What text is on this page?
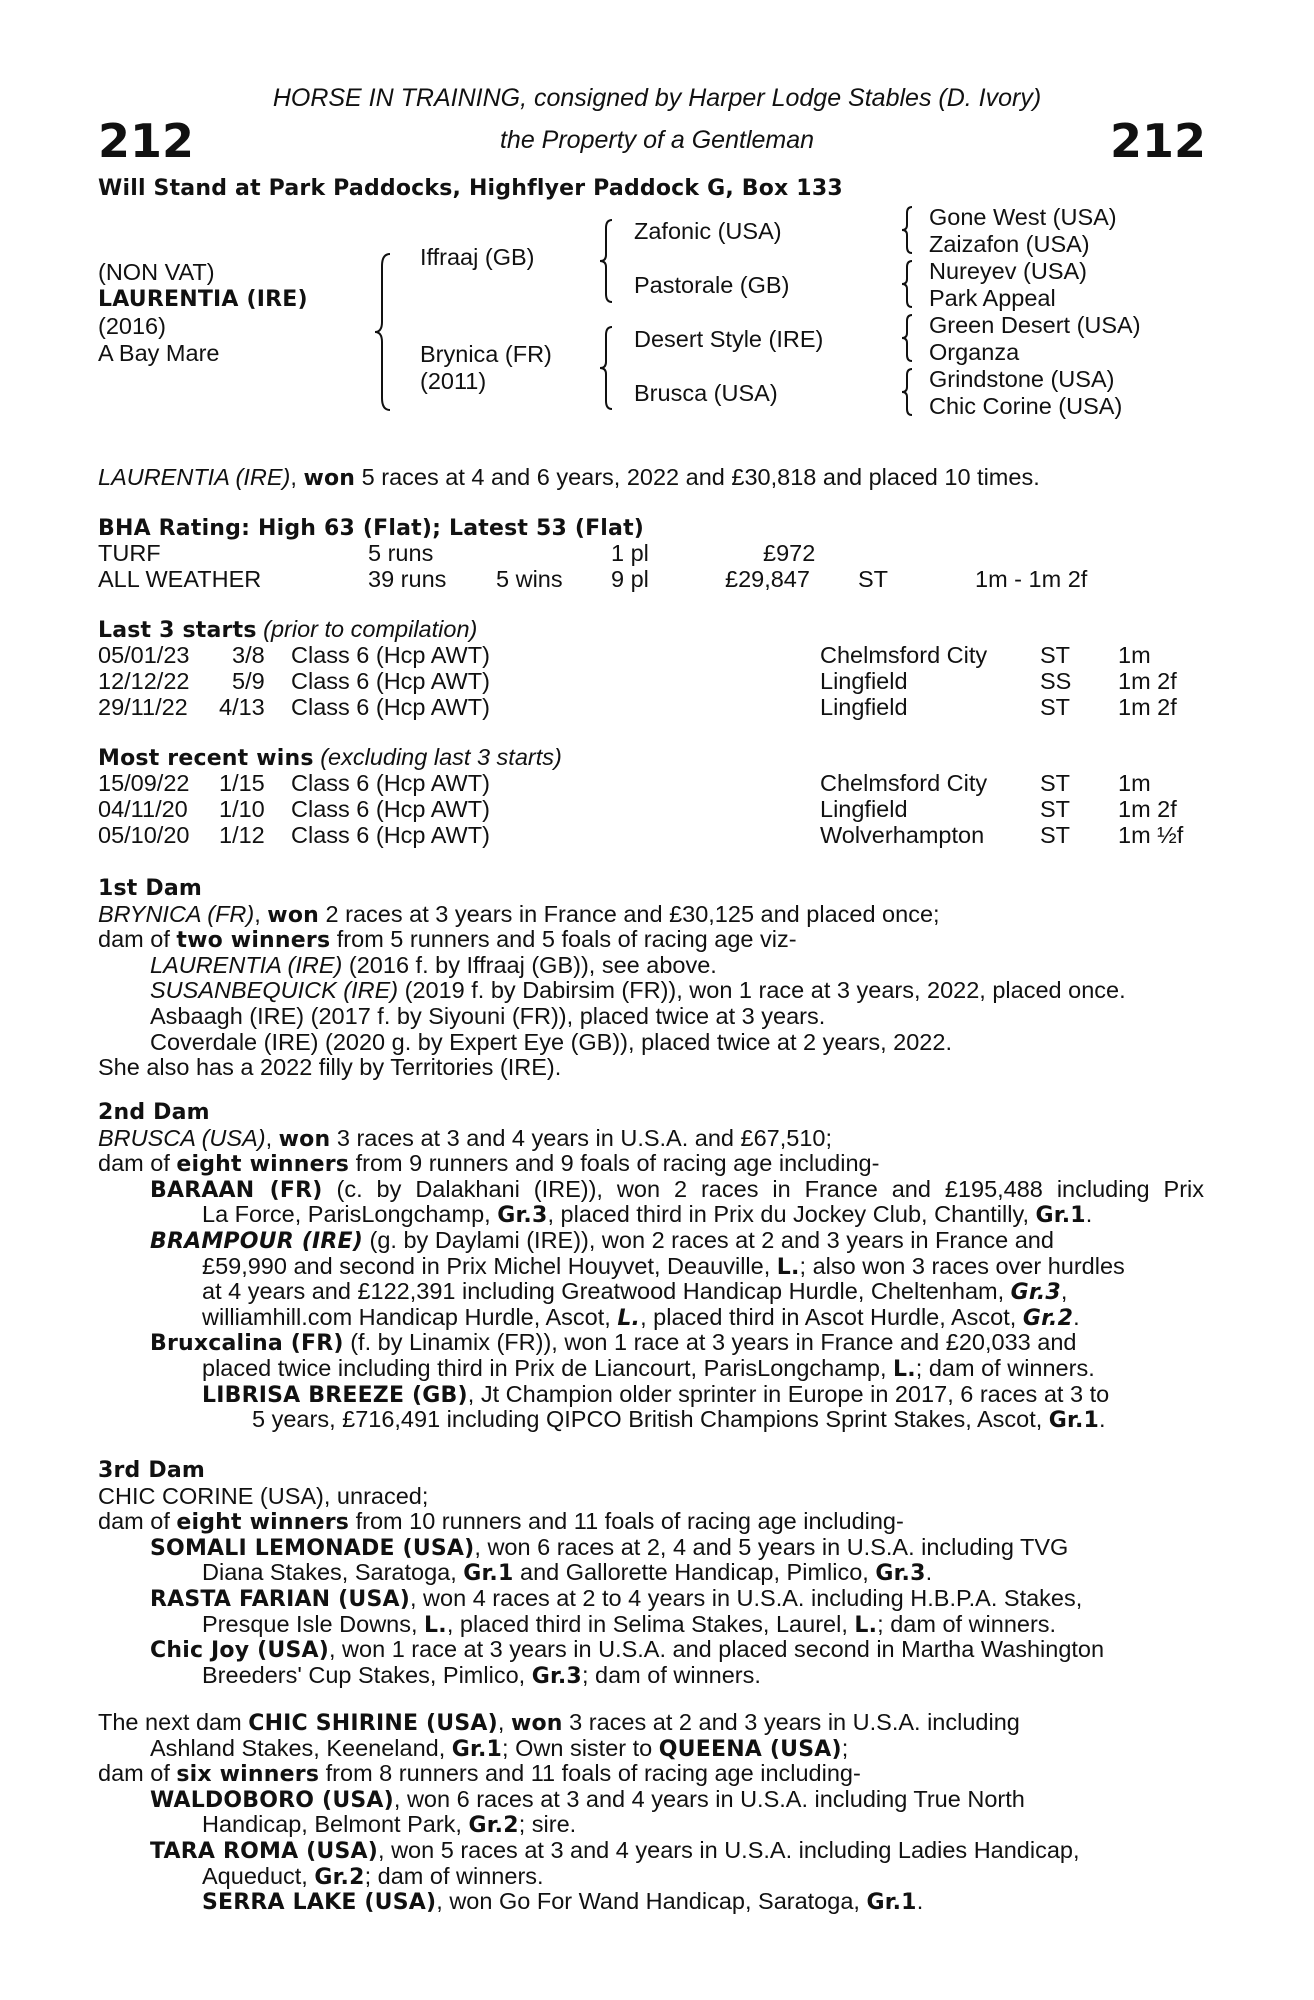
212	212
HORSE IN TRAINING, consigned by Harper Lodge Stables (D. Ivory)
the Property of a Gentleman
Will Stand at Park Paddocks, Highflyer Paddock G, Box 133
(NON VAT)
LAURENTIA (IRE)
(2016)
A Bay Mare
Iffraaj (GB)
Brynica (FR)
(2011)
Zafonic (USA)
Pastorale (GB)
Desert Style (IRE)
Brusca (USA)
Gone West (USA)
Zaizafon (USA)
Nureyev (USA)
Park Appeal
Green Desert (USA)
Organza
Grindstone (USA)
Chic Corine (USA)
LAURENTIA (IRE), won 5 races at 4 and 6 years, 2022 and £30,818 and placed 10 times.
BHA Rating: High 63 (Flat); Latest 53 (Flat)
TURF	5 runs	1 pl	£972
ALL WEATHER	39 runs 5 wins 9 pl	£29,847 ST	1m - 1m 2f
Last 3 starts (prior to compilation)
05/01/23 3/8 Class 6 (Hcp AWT)	Chelmsford City ST 1m
12/12/22 5/9 Class 6 (Hcp AWT)	Lingfield	SS 1m 2f
29/11/22 4/13 Class 6 (Hcp AWT)	Lingfield	ST 1m 2f
Most recent wins (excluding last 3 starts)
15/09/22 1/15 Class 6 (Hcp AWT)	Chelmsford City ST 1m
04/11/20 1/10 Class 6 (Hcp AWT)	Lingfield	ST 1m 2f
05/10/20 1/12 Class 6 (Hcp AWT)	Wolverhampton ST 1m ½f
1st Dam
BRYNICA (FR), won 2 races at 3 years in France and £30,125 and placed once;
dam of two winners from 5 runners and 5 foals of racing age viz-
LAURENTIA (IRE) (2016 f. by Iffraaj (GB)), see above.
SUSANBEQUICK (IRE) (2019 f. by Dabirsim (FR)), won 1 race at 3 years, 2022, placed once.
Asbaagh (IRE) (2017 f. by Siyouni (FR)), placed twice at 3 years.
Coverdale (IRE) (2020 g. by Expert Eye (GB)), placed twice at 2 years, 2022.
She also has a 2022 filly by Territories (IRE).
2nd Dam
BRUSCA (USA), won 3 races at 3 and 4 years in U.S.A. and £67,510;
dam of eight winners from 9 runners and 9 foals of racing age including-
BARAAN (FR) (c. by Dalakhani (IRE)), won 2 races in France and £195,488 including Prix
La Force, ParisLongchamp, Gr.3, placed third in Prix du Jockey Club, Chantilly, Gr.1.
BRAMPOUR (IRE) (g. by Daylami (IRE)), won 2 races at 2 and 3 years in France and
£59,990 and second in Prix Michel Houyvet, Deauville, L.; also won 3 races over hurdles
at 4 years and £122,391 including Greatwood Handicap Hurdle, Cheltenham, Gr.3,
williamhill.com Handicap Hurdle, Ascot, L., placed third in Ascot Hurdle, Ascot, Gr.2.
Bruxcalina (FR) (f. by Linamix (FR)), won 1 race at 3 years in France and £20,033 and
placed twice including third in Prix de Liancourt, ParisLongchamp, L.; dam of winners.
LIBRISA BREEZE (GB), Jt Champion older sprinter in Europe in 2017, 6 races at 3 to
5 years, £716,491 including QIPCO British Champions Sprint Stakes, Ascot, Gr.1.
3rd Dam
CHIC CORINE (USA), unraced;
dam of eight winners from 10 runners and 11 foals of racing age including-
SOMALI LEMONADE (USA), won 6 races at 2, 4 and 5 years in U.S.A. including TVG
Diana Stakes, Saratoga, Gr.1 and Gallorette Handicap, Pimlico, Gr.3.
RASTA FARIAN (USA), won 4 races at 2 to 4 years in U.S.A. including H.B.P.A. Stakes,
Presque Isle Downs, L., placed third in Selima Stakes, Laurel, L.; dam of winners.
Chic Joy (USA), won 1 race at 3 years in U.S.A. and placed second in Martha Washington
Breeders' Cup Stakes, Pimlico, Gr.3; dam of winners.
The next dam CHIC SHIRINE (USA), won 3 races at 2 and 3 years in U.S.A. including
Ashland Stakes, Keeneland, Gr.1; Own sister to QUEENA (USA);
dam of six winners from 8 runners and 11 foals of racing age including-
WALDOBORO (USA), won 6 races at 3 and 4 years in U.S.A. including True North
Handicap, Belmont Park, Gr.2; sire.
TARA ROMA (USA), won 5 races at 3 and 4 years in U.S.A. including Ladies Handicap,
Aqueduct, Gr.2; dam of winners.
SERRA LAKE (USA), won Go For Wand Handicap, Saratoga, Gr.1.
